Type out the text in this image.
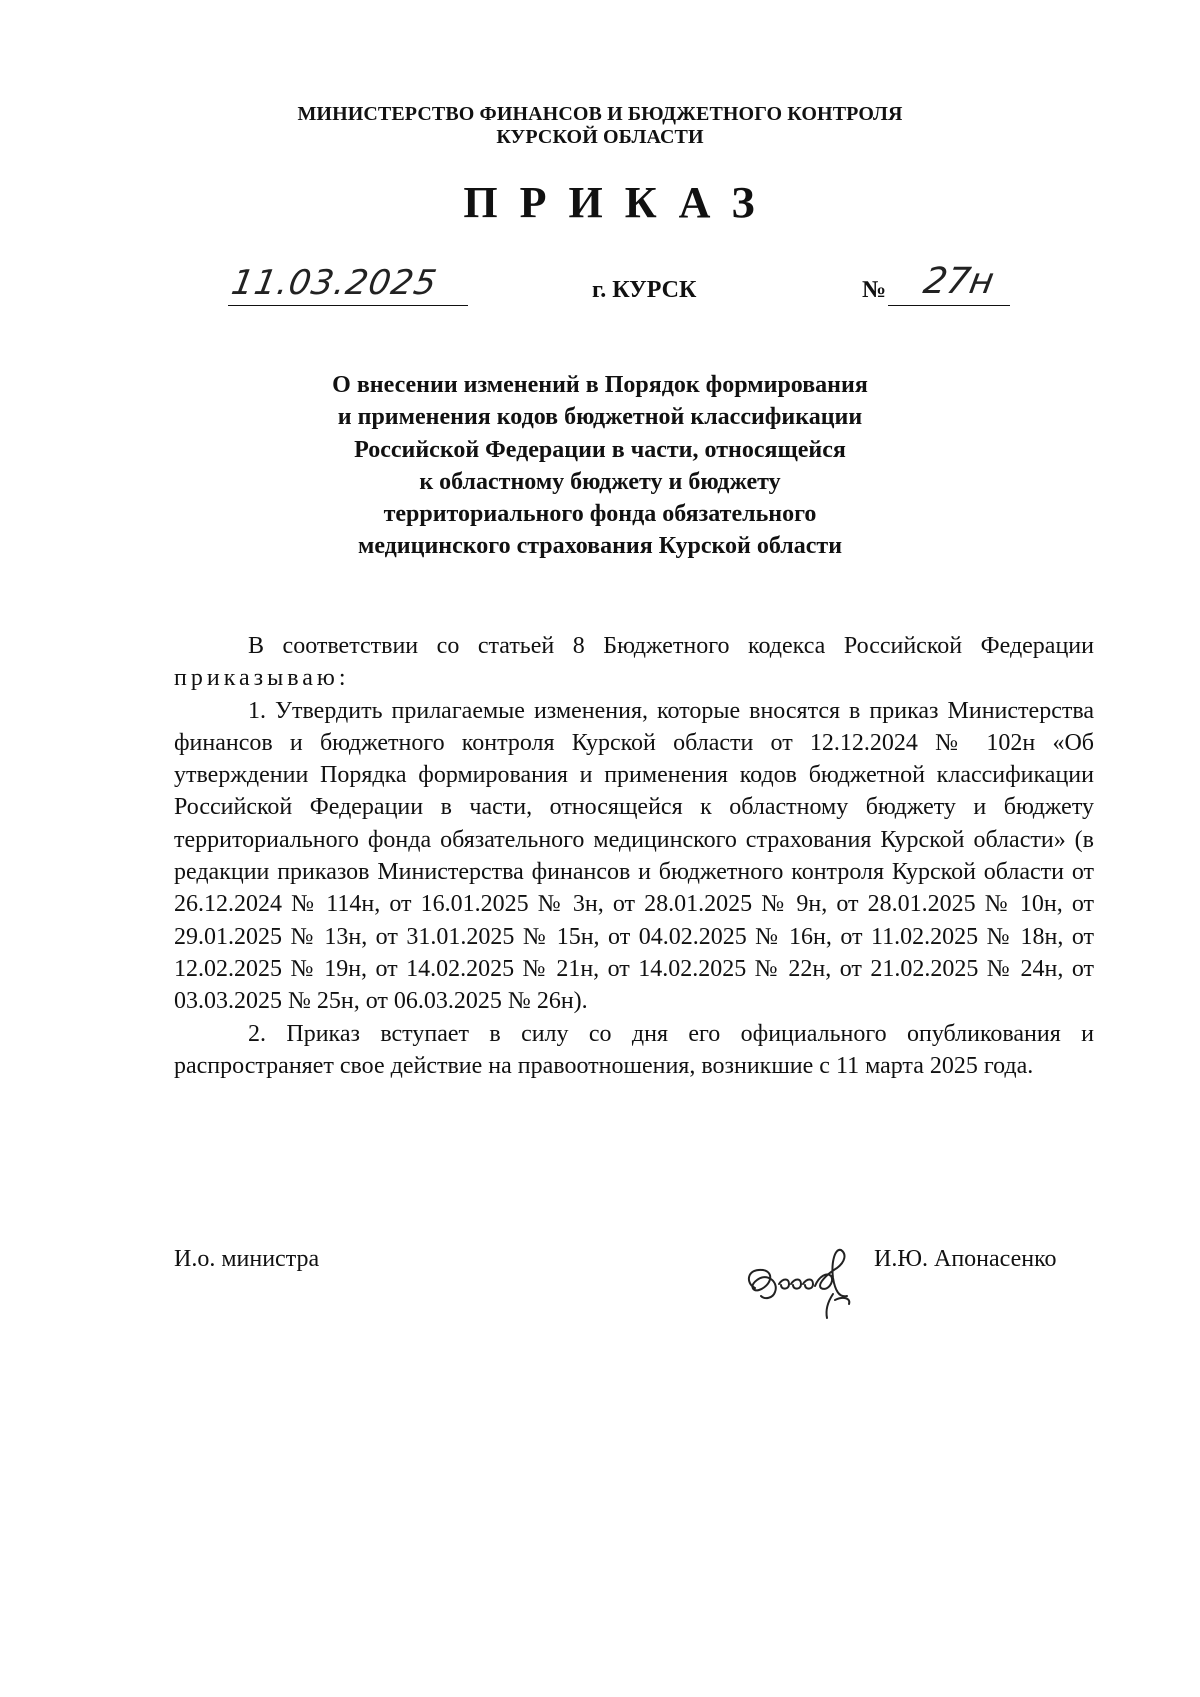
МИНИСТЕРСТВО ФИНАНСОВ И БЮДЖЕТНОГО КОНТРОЛЯ
КУРСКОЙ ОБЛАСТИ
ПРИКАЗ
11.03.2025	г. КУРСК	№ 27н
О внесении изменений в Порядок формирования
и применения кодов бюджетной классификации
Российской Федерации в части, относящейся
к областному бюджету и бюджету
территориального фонда обязательного
медицинского страхования Курской области

В соответствии со статьей 8 Бюджетного кодекса Российской Федерации приказываю:

1. Утвердить прилагаемые изменения, которые вносятся в приказ Министерства финансов и бюджетного контроля Курской области от 12.12.2024 № 102н «Об утверждении Порядка формирования и применения кодов бюджетной классификации Российской Федерации в части, относящейся к областному бюджету и бюджету территориального фонда обязательного медицинского страхования Курской области» (в редакции приказов Министерства финансов и бюджетного контроля Курской области от 26.12.2024 № 114н, от 16.01.2025 № 3н, от 28.01.2025 № 9н, от 28.01.2025 № 10н, от 29.01.2025 № 13н, от 31.01.2025 № 15н, от 04.02.2025 № 16н, от 11.02.2025 № 18н, от 12.02.2025 № 19н, от 14.02.2025 № 21н, от 14.02.2025 № 22н, от 21.02.2025 № 24н, от 03.03.2025 № 25н, от 06.03.2025 № 26н).

2. Приказ вступает в силу со дня его официального опубликования и распространяет свое действие на правоотношения, возникшие с 11 марта 2025 года.

И.о. министра	И.Ю. Апонасенко
